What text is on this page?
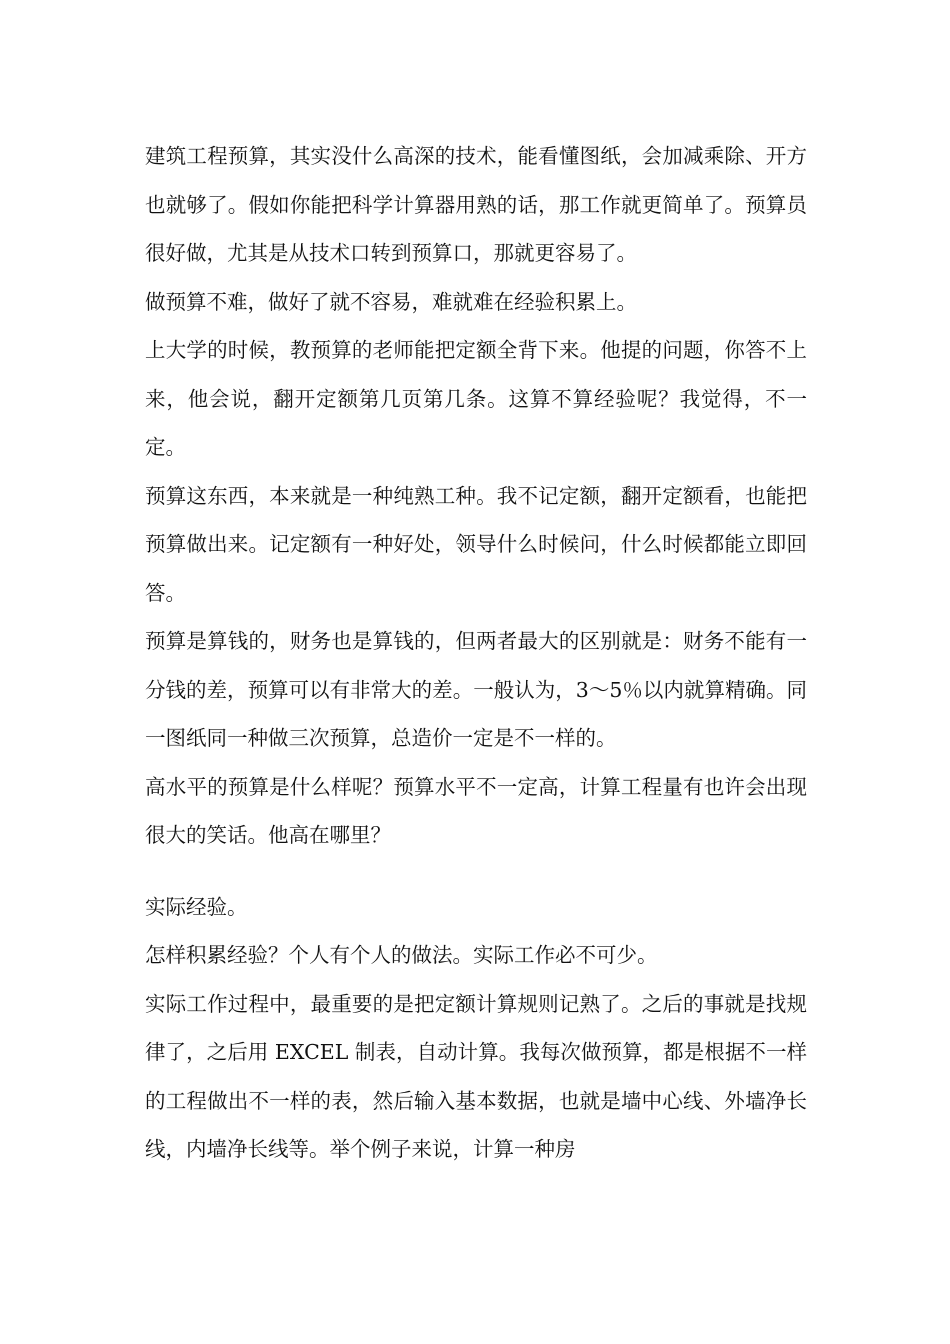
建筑工程预算，其实没什么高深的技术，能看懂图纸，会加减乘除、开方也就够了。假如你能把科学计算器用熟的话，那工作就更简单了。预算员很好做，尤其是从技术口转到预算口，那就更容易了。

做预算不难，做好了就不容易，难就难在经验积累上。

上大学的时候，教预算的老师能把定额全背下来。他提的问题，你答不上来，他会说，翻开定额第几页第几条。这算不算经验呢？我觉得，不一定。

预算这东西，本来就是一种纯熟工种。我不记定额，翻开定额看，也能把预算做出来。记定额有一种好处，领导什么时候问，什么时候都能立即回答。

预算是算钱的，财务也是算钱的，但两者最大的区别就是：财务不能有一分钱的差，预算可以有非常大的差。一般认为，3～5％以内就算精确。同一图纸同一种做三次预算，总造价一定是不一样的。

高水平的预算是什么样呢？预算水平不一定高，计算工程量有也许会出现很大的笑话。他高在哪里？

实际经验。

怎样积累经验？个人有个人的做法。实际工作必不可少。

实际工作过程中，最重要的是把定额计算规则记熟了。之后的事就是找规律了，之后用 EXCEL 制表，自动计算。我每次做预算，都是根据不一样的工程做出不一样的表，然后输入基本数据，也就是墙中心线、外墙净长线，内墙净长线等。举个例子来说，计算一种房
